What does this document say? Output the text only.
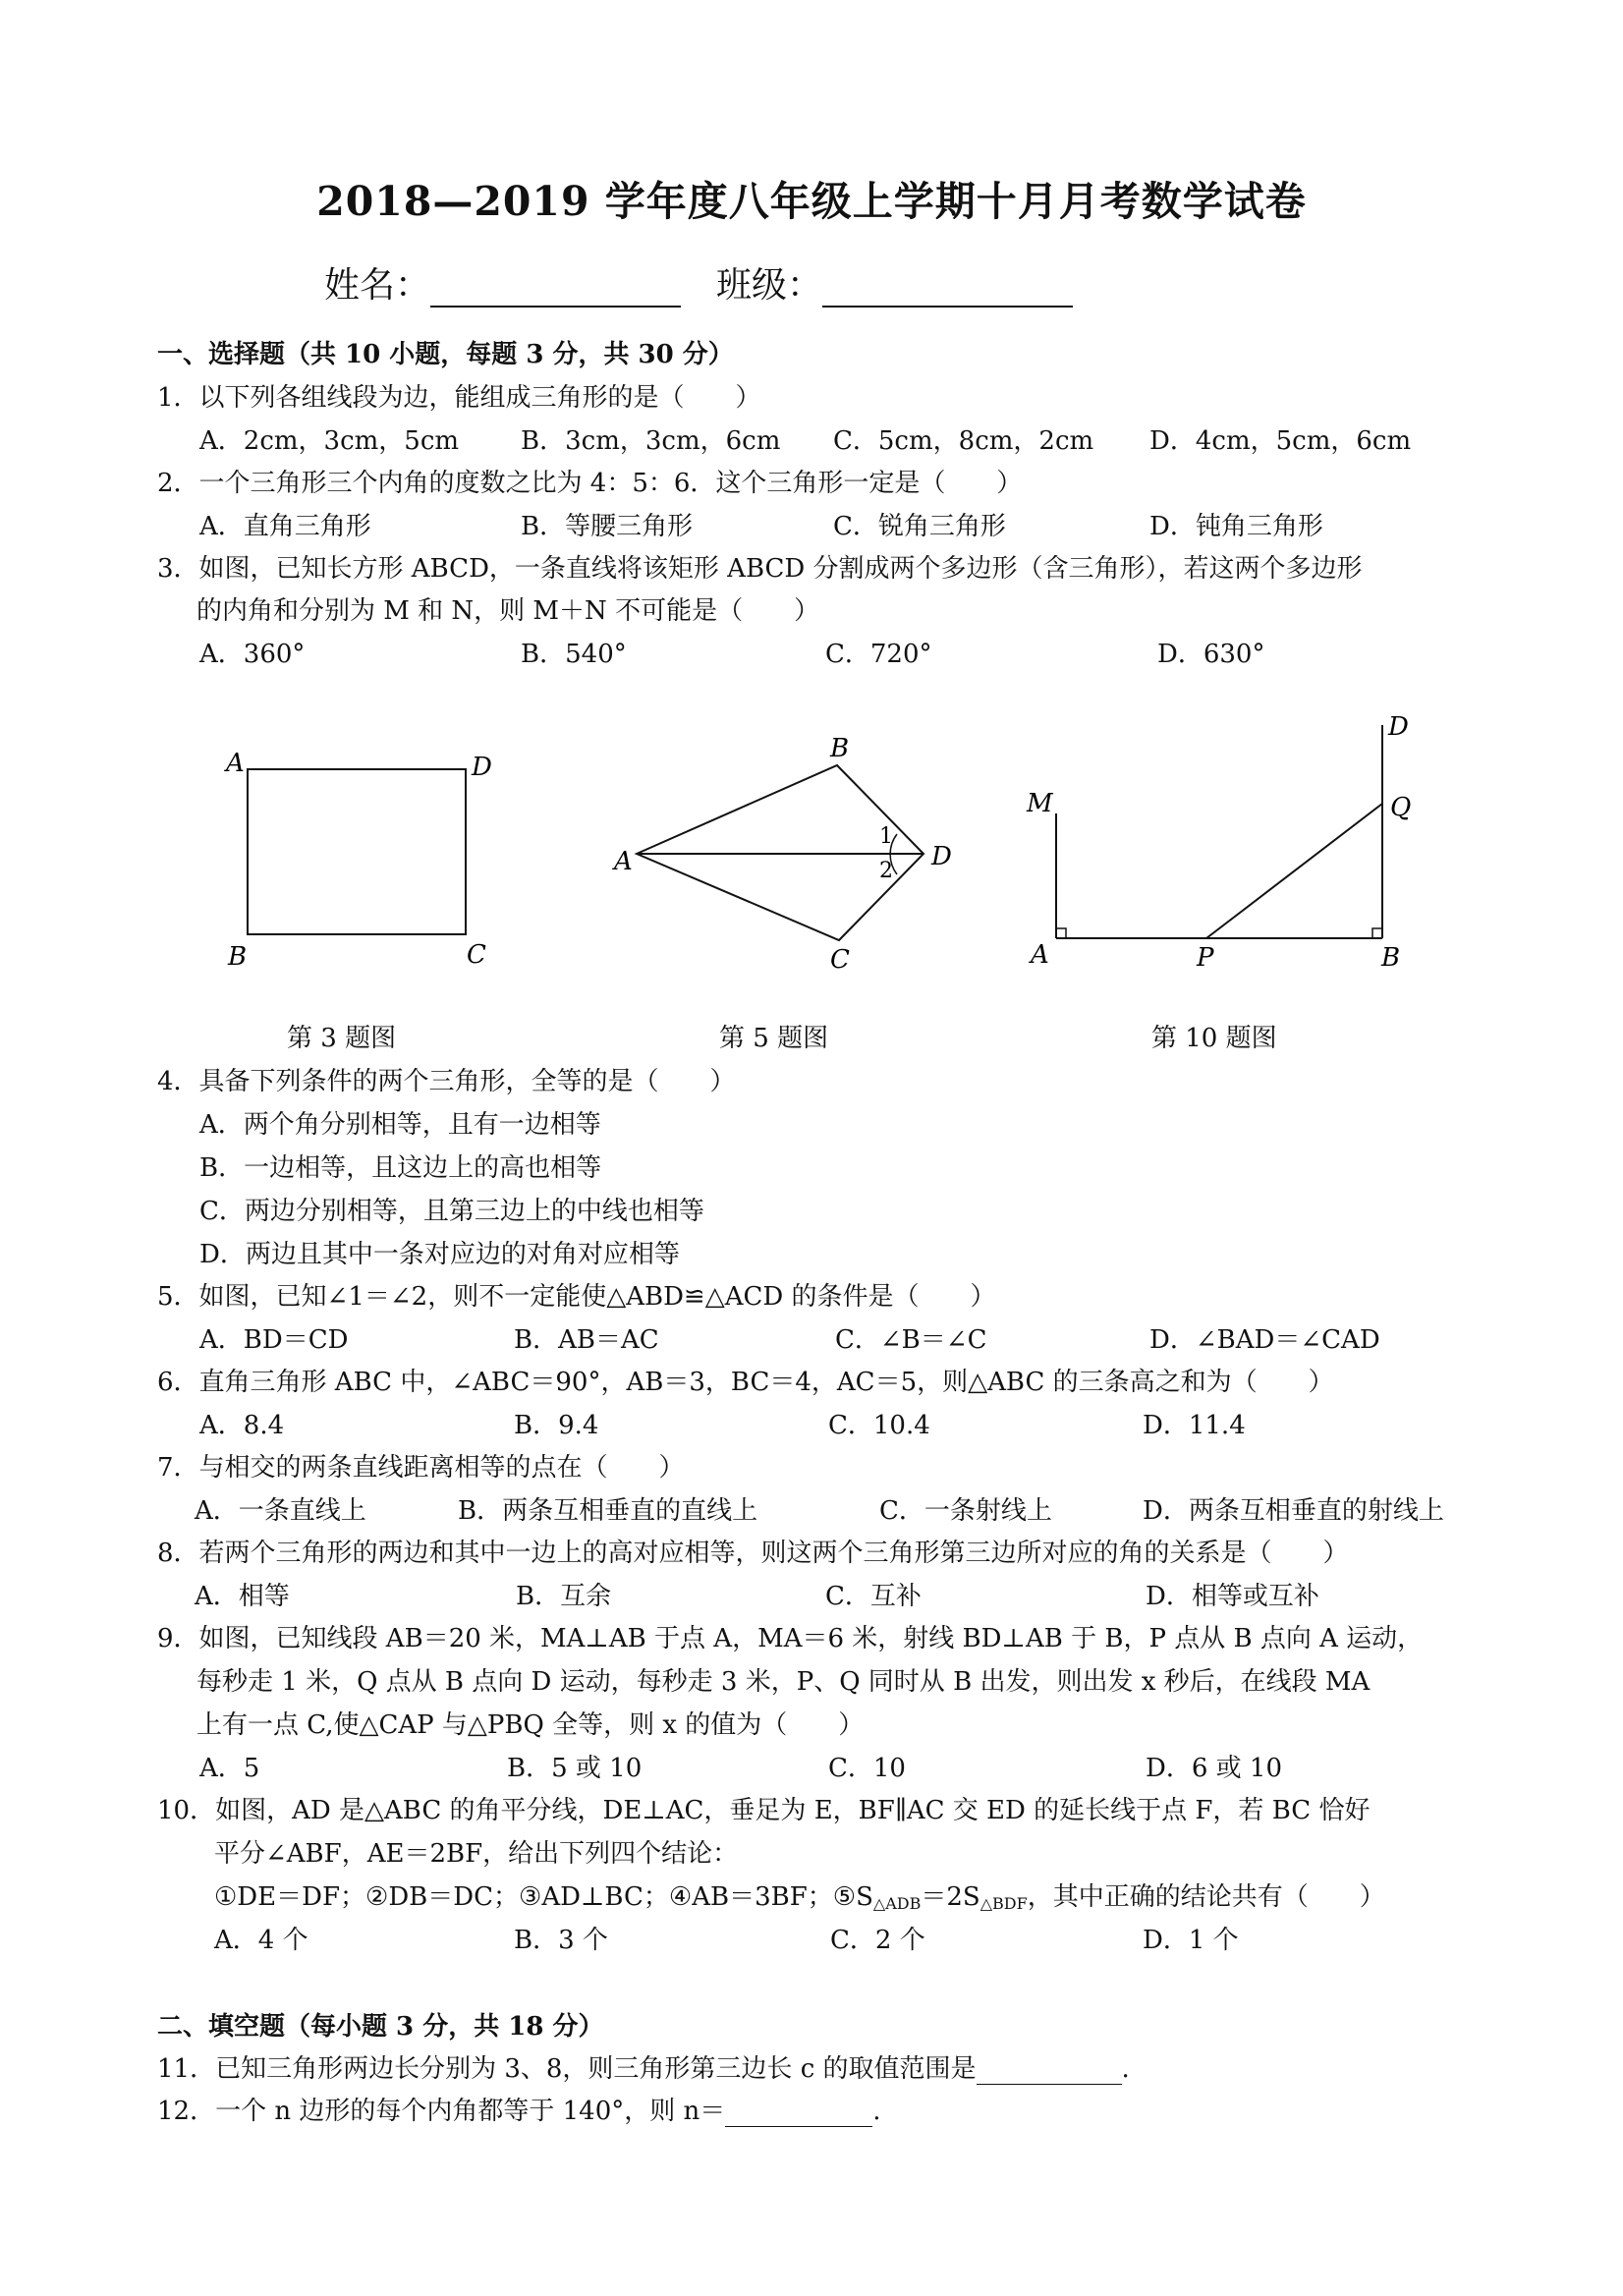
2018—2019 学年度八年级上学期十月月考数学试卷
姓名：	班级：
一、选择题（共 10 小题，每题 3 分，共 30 分）
1．以下列各组线段为边，能组成三角形的是（　　）
A．2cm，3cm，5cm B．3cm，3cm，6cm C．5cm，8cm，2cm D．4cm，5cm，6cm
2．一个三角形三个内角的度数之比为 4：5：6．这个三角形一定是（　　）
A．直角三角形	B．等腰三角形	C．锐角三角形	D．钝角三角形
3．如图，已知长方形 ABCD，一条直线将该矩形 ABCD 分割成两个多边形（含三角形），若这两个多边形
的内角和分别为 M 和 N，则 M＋N 不可能是（　　）
A．360°	B．540°	C．720°	D．630°
A	D
B	C
B
A	D
C
1
2
D
M	Q
A	P	B
第 3 题图	第 5 题图	第 10 题图
4．具备下列条件的两个三角形，全等的是（　　）
A．两个角分别相等，且有一边相等
B．一边相等，且这边上的高也相等
C．两边分别相等，且第三边上的中线也相等
D．两边且其中一条对应边的对角对应相等
5．如图，已知∠1＝∠2，则不一定能使△ABD≌△ACD 的条件是（　　）
A．BD＝CD	B．AB＝AC	C．∠B＝∠C	D．∠BAD＝∠CAD
6．直角三角形 ABC 中，∠ABC＝90°，AB＝3，BC＝4，AC＝5，则△ABC 的三条高之和为（　　）
A．8.4	B．9.4	C．10.4	D．11.4
7．与相交的两条直线距离相等的点在（　　）
A．一条直线上	B．两条互相垂直的直线上	C．一条射线上	D．两条互相垂直的射线上
8．若两个三角形的两边和其中一边上的高对应相等，则这两个三角形第三边所对应的角的关系是（　　）
A．相等	B．互余	C．互补	D．相等或互补
9．如图，已知线段 AB＝20 米，MA⊥AB 于点 A，MA＝6 米，射线 BD⊥AB 于 B，P 点从 B 点向 A 运动，
每秒走 1 米，Q 点从 B 点向 D 运动，每秒走 3 米，P、Q 同时从 B 出发，则出发 x 秒后，在线段 MA
上有一点 C,使△CAP 与△PBQ 全等，则 x 的值为（　　）
A．5	B．5 或 10	C．10	D．6 或 10
10．如图，AD 是△ABC 的角平分线，DE⊥AC，垂足为 E，BF∥AC 交 ED 的延长线于点 F，若 BC 恰好
平分∠ABF，AE＝2BF，给出下列四个结论：
①DE＝DF；②DB＝DC；③AD⊥BC；④AB＝3BF；$⑤S_{\triangle ADB}=2S_{\triangle BDF}$，其中正确的结论共有（　　）
A．4 个	B．3 个	C．2 个	D．1 个
二、填空题（每小题 3 分，共 18 分）
11．已知三角形两边长分别为 3、8，则三角形第三边长 c 的取值范围是	.
12．一个 n 边形的每个内角都等于 140°，则 n＝	.
